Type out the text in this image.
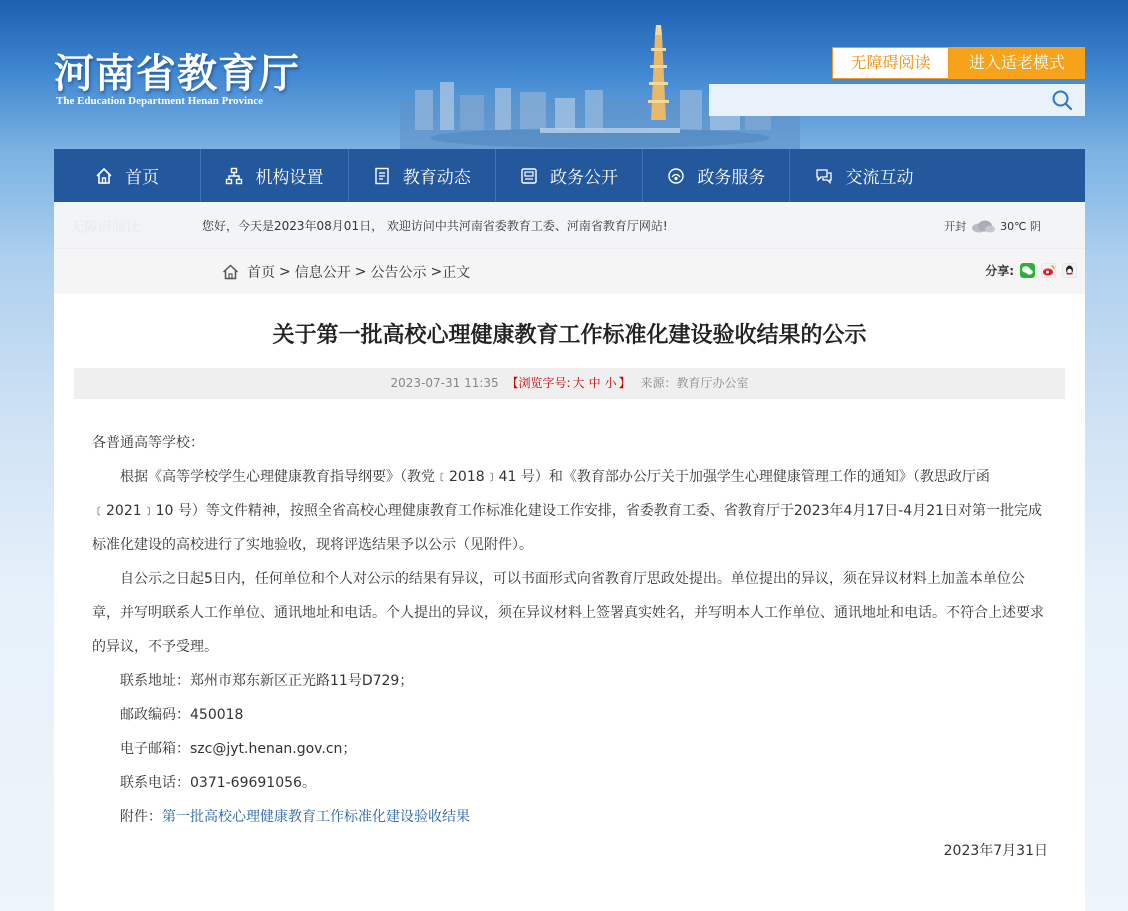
河南省教育厅
The Education Department Henan Province
无障碍阅读	进入适老模式
首页	机构设置	教育动态	政务公开	政务服务	交流互动
无障碍阅读	您好，今天是2023年08月01日， 欢迎访问中共河南省委教育工委、河南省教育厅网站!	开封	30℃ 阴
首页 > 信息公开 > 公告公示 > 正文	分享:
关于第一批高校心理健康教育工作标准化建设验收结果的公示
2023-07-31 11:35 【浏览字号: 大 中 小 】 来源：教育厅办公室

各普通高等学校：

根据《高等学校学生心理健康教育指导纲要》（教党﹝2018﹞41 号）和《教育部办公厅关于加强学生心理健康管理工作的通知》（教思政厅函﹝2021﹞10 号）等文件精神，按照全省高校心理健康教育工作标准化建设工作安排，省委教育工委、省教育厅于2023年4月17日-4月21日对第一批完成标准化建设的高校进行了实地验收，现将评选结果予以公示（见附件）。

自公示之日起5日内，任何单位和个人对公示的结果有异议，可以书面形式向省教育厅思政处提出。单位提出的异议，须在异议材料上加盖本单位公章，并写明联系人工作单位、通讯地址和电话。个人提出的异议，须在异议材料上签署真实姓名，并写明本人工作单位、通讯地址和电话。不符合上述要求的异议，不予受理。

联系地址：郑州市郑东新区正光路11号D729；

邮政编码：450018

电子邮箱：szc@jyt.henan.gov.cn；

联系电话：0371-69691056。

附件：第一批高校心理健康教育工作标准化建设验收结果

2023年7月31日
